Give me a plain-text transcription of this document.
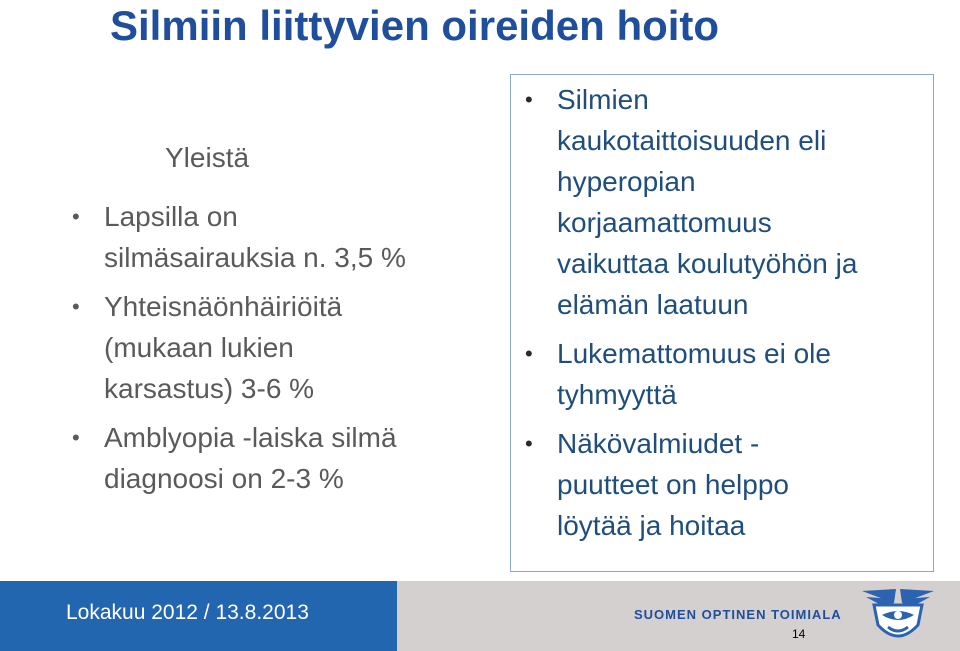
Silmiin liittyvien oireiden hoito
Yleistä
• Lapsilla on
silmäsairauksia n. 3,5 %
• Yhteisnäönhäiriöitä
(mukaan lukien
karsastus) 3-6 %
• Amblyopia -laiska silmä
diagnoosi on 2-3 %
• Silmien
kaukotaittoisuuden eli
hyperopian
korjaamattomuus
vaikuttaa koulutyöhön ja
elämän laatuun
• Lukemattomuus ei ole
tyhmyyttä
• Näkövalmiudet -
puutteet on helppo
löytää ja hoitaa
Lokakuu 2012 / 13.8.2013	SUOMEN OPTINEN TOIMIALA
14
